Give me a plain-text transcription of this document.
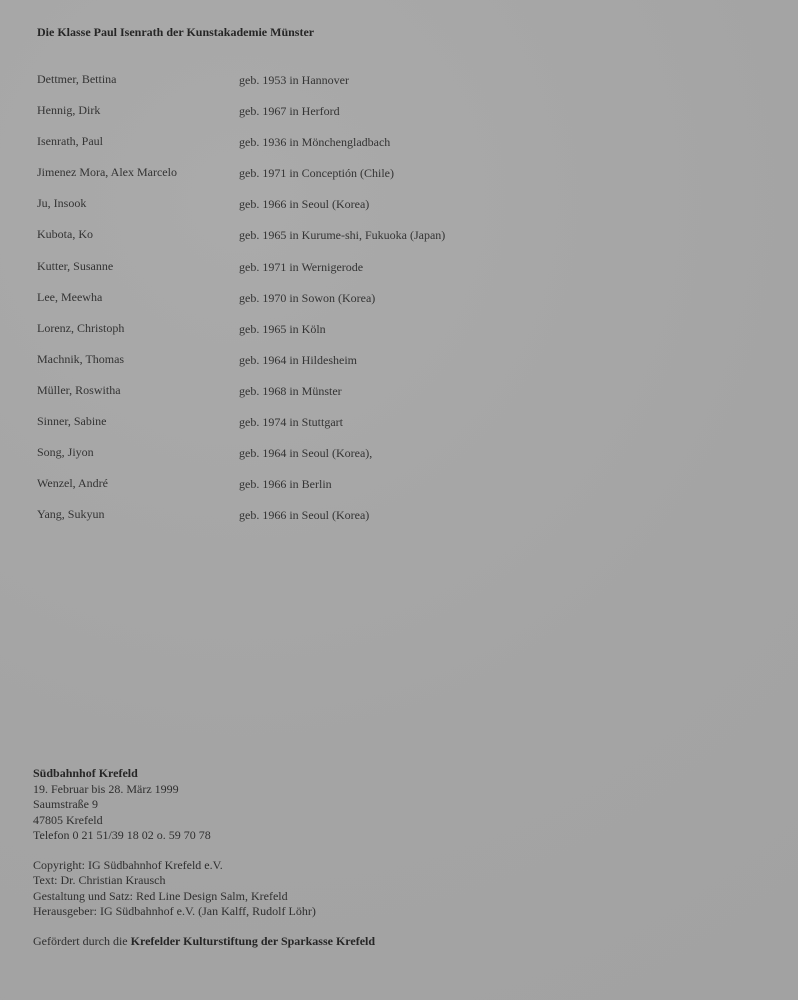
Die Klasse Paul Isenrath der Kunstakademie Münster
Dettmer, Bettina	geb. 1953 in Hannover
Hennig, Dirk	geb. 1967 in Herford
Isenrath, Paul	geb. 1936 in Mönchengladbach
Jimenez Mora, Alex Marcelo	geb. 1971 in Conceptión (Chile)
Ju, Insook	geb. 1966 in Seoul (Korea)
Kubota, Ko	geb. 1965 in Kurume-shi, Fukuoka (Japan)
Kutter, Susanne	geb. 1971 in Wernigerode
Lee, Meewha	geb. 1970 in Sowon (Korea)
Lorenz, Christoph	geb. 1965 in Köln
Machnik, Thomas	geb. 1964 in Hildesheim
Müller, Roswitha	geb. 1968 in Münster
Sinner, Sabine	geb. 1974 in Stuttgart
Song, Jiyon	geb. 1964 in Seoul (Korea),
Wenzel, André	geb. 1966 in Berlin
Yang, Sukyun	geb. 1966 in Seoul (Korea)
Südbahnhof Krefeld
19. Februar bis 28. März 1999
Saumstraße 9
47805 Krefeld
Telefon 0 21 51/39 18 02 o. 59 70 78
Copyright: IG Südbahnhof Krefeld e.V.
Text: Dr. Christian Krausch
Gestaltung und Satz: Red Line Design Salm, Krefeld
Herausgeber: IG Südbahnhof e.V. (Jan Kalff, Rudolf Löhr)
Gefördert durch die Krefelder Kulturstiftung der Sparkasse Krefeld
